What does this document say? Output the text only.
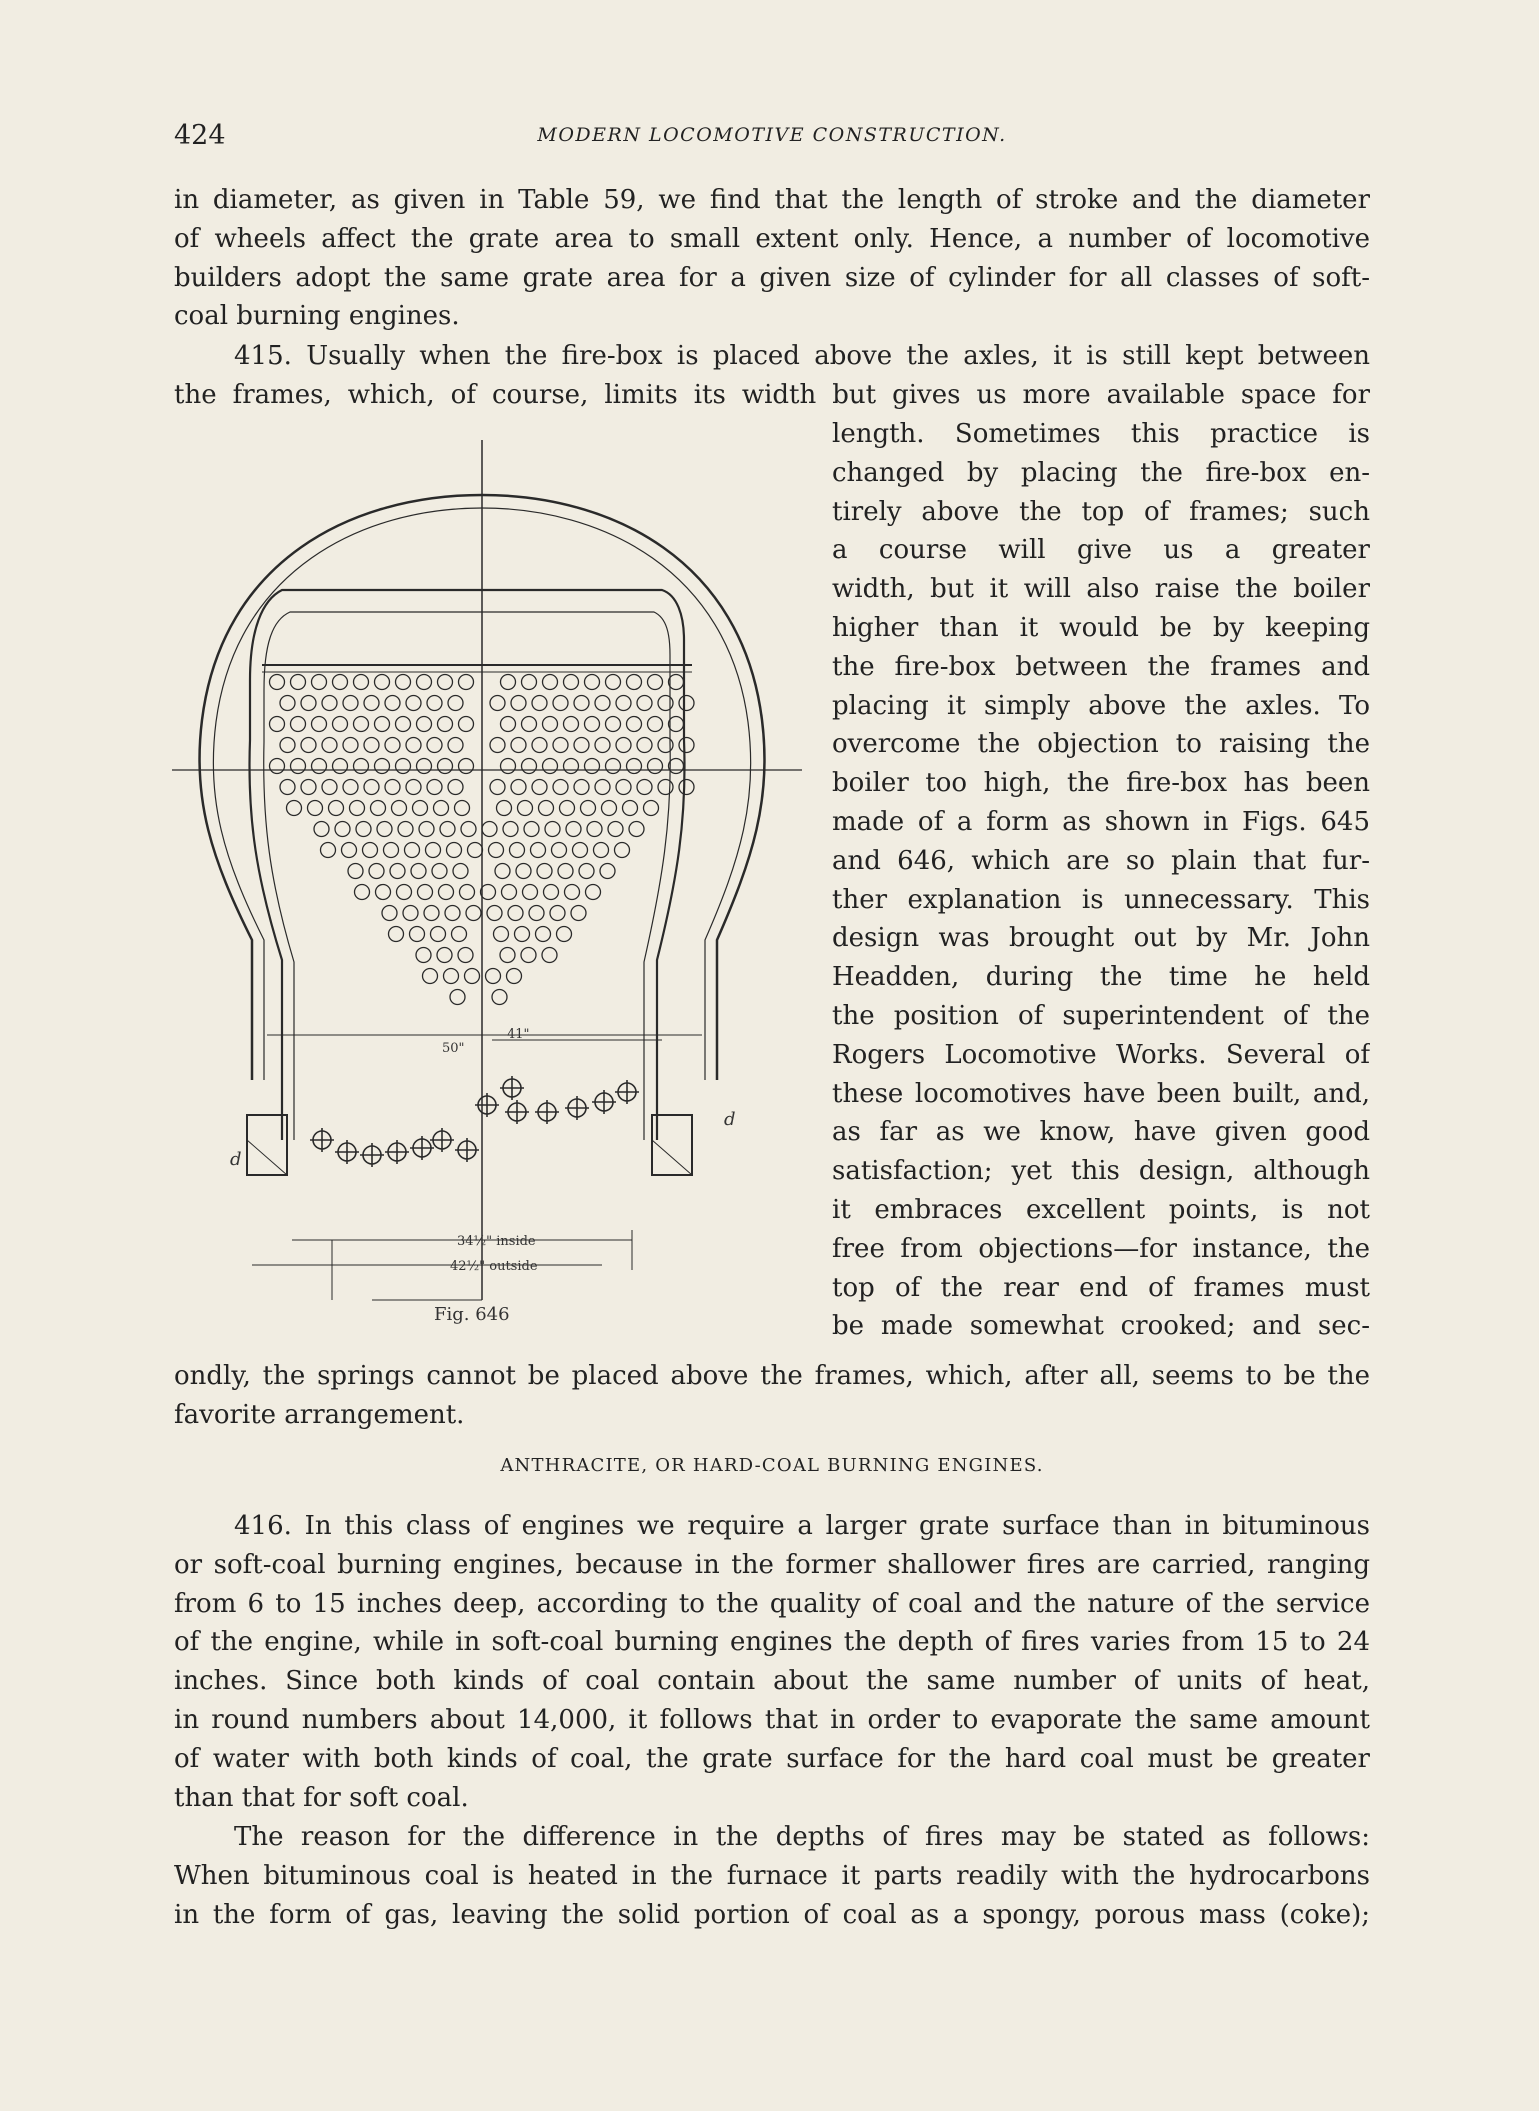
424	MODERN LOCOMOTIVE CONSTRUCTION.
in diameter, as given in Table 59, we find that the length of stroke and the diameter
of wheels affect the grate area to small extent only. Hence, a number of locomotive
builders adopt the same grate area for a given size of cylinder for all classes of soft-
coal burning engines.
415. Usually when the fire-box is placed above the axles, it is still kept between
the frames, which, of course, limits its width but gives us more available space for
length. Sometimes this practice is
changed by placing the fire-box en-
tirely above the top of frames; such
a course will give us a greater
width, but it will also raise the boiler
higher than it would be by keeping
the fire-box between the frames and
placing it simply above the axles. To
overcome the objection to raising the
boiler too high, the fire-box has been
made of a form as shown in Figs. 645
and 646, which are so plain that fur-
ther explanation is unnecessary. This
design was brought out by Mr. John
Headden, during the time he held
the position of superintendent of the
Rogers Locomotive Works. Several of
these locomotives have been built, and,
as far as we know, have given good
satisfaction; yet this design, although
it embraces excellent points, is not
free from objections—for instance, the
top of the rear end of frames must
be made somewhat crooked; and sec-
ondly, the springs cannot be placed above the frames, which, after all, seems to be the
favorite arrangement.
50"
41"
34½" inside
42½" outside
Fig. 646
d
d
ANTHRACITE, OR HARD-COAL BURNING ENGINES.
416. In this class of engines we require a larger grate surface than in bituminous
or soft-coal burning engines, because in the former shallower fires are carried, ranging
from 6 to 15 inches deep, according to the quality of coal and the nature of the service
of the engine, while in soft-coal burning engines the depth of fires varies from 15 to 24
inches. Since both kinds of coal contain about the same number of units of heat,
in round numbers about 14,000, it follows that in order to evaporate the same amount
of water with both kinds of coal, the grate surface for the hard coal must be greater
than that for soft coal.
The reason for the difference in the depths of fires may be stated as follows:
When bituminous coal is heated in the furnace it parts readily with the hydrocarbons
in the form of gas, leaving the solid portion of coal as a spongy, porous mass (coke);
